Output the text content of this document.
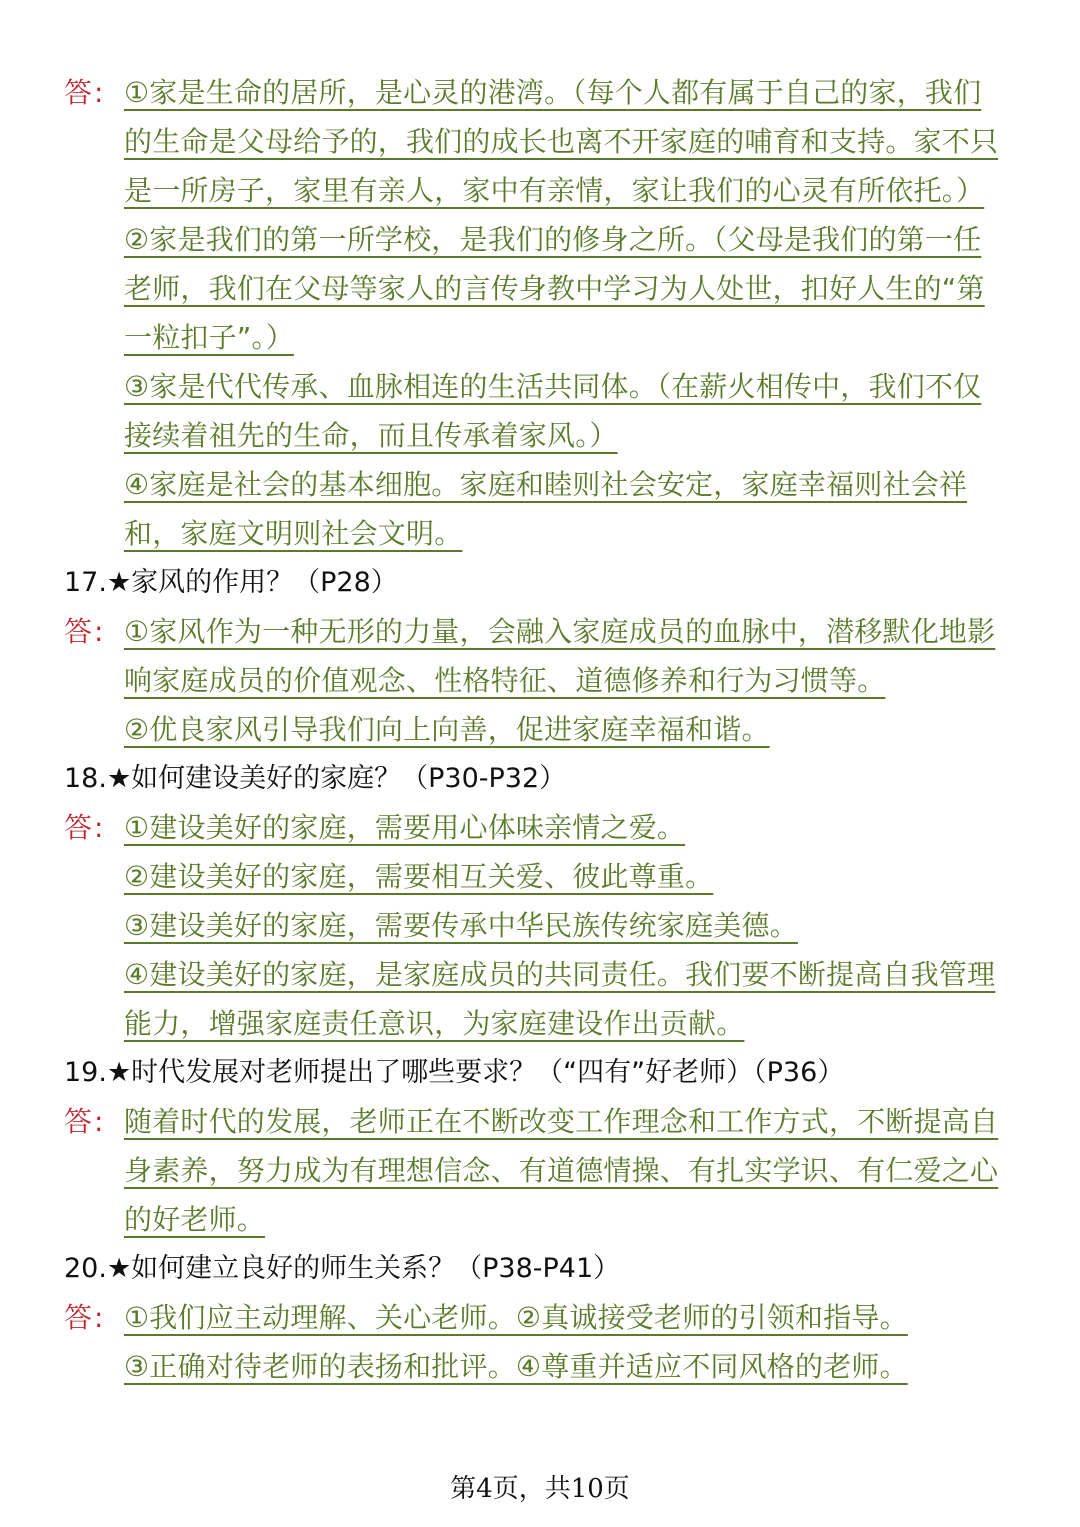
答: ①家是生命的居所，是心灵的港湾。（每个人都有属于自己的家，我们的生命是父母给予的，我们的成长也离不开家庭的哺育和支持。家不只是一所房子，家里有亲人，家中有亲情，家让我们的心灵有所依托。）
②家是我们的第一所学校，是我们的修身之所。（父母是我们的第一任老师，我们在父母等家人的言传身教中学习为人处世，扣好人生的“第一粒扣子”。）
③家是代代传承、血脉相连的生活共同体。（在薪火相传中，我们不仅接续着祖先的生命，而且传承着家风。）
④家庭是社会的基本细胞。家庭和睦则社会安定，家庭幸福则社会祥和，家庭文明则社会文明。
17.★家风的作用？（P28）
答: ①家风作为一种无形的力量，会融入家庭成员的血脉中，潜移默化地影响家庭成员的价值观念、性格特征、道德修养和行为习惯等。
②优良家风引导我们向上向善，促进家庭幸福和谐。
18.★如何建设美好的家庭？（P30-P32）
答: ①建设美好的家庭，需要用心体味亲情之爱。
②建设美好的家庭，需要相互关爱、彼此尊重。
③建设美好的家庭，需要传承中华民族传统家庭美德。
④建设美好的家庭，是家庭成员的共同责任。我们要不断提高自我管理能力，增强家庭责任意识，为家庭建设作出贡献。
19.★时代发展对老师提出了哪些要求？（“四有”好老师）（P36）
答: 随着时代的发展，老师正在不断改变工作理念和工作方式，不断提高自身素养，努力成为有理想信念、有道德情操、有扎实学识、有仁爱之心的好老师。
20.★如何建立良好的师生关系？（P38-P41）
答: ①我们应主动理解、关心老师。②真诚接受老师的引领和指导。
③正确对待老师的表扬和批评。④尊重并适应不同风格的老师。
第4页，共10页
